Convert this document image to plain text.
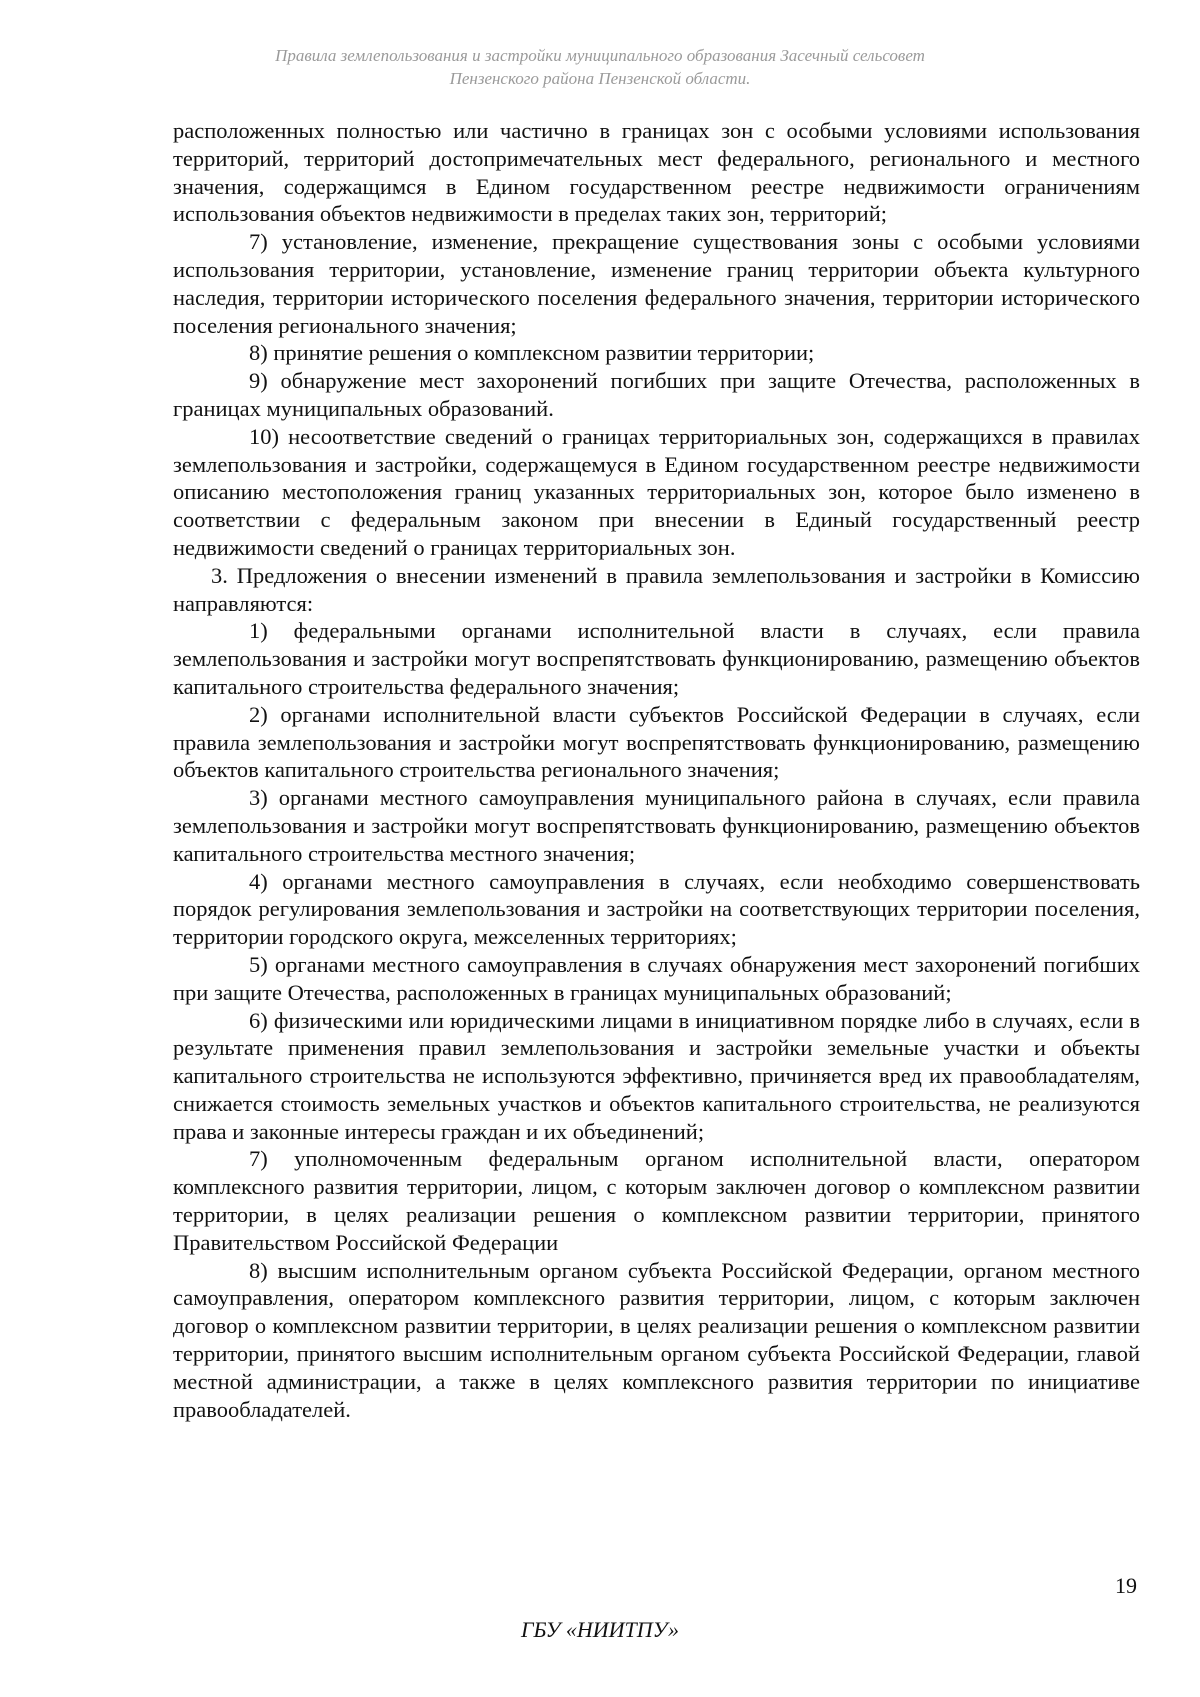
Правила землепользования и застройки муниципального образования Засечный сельсовет
Пензенского района Пензенской области.

расположенных полностью или частично в границах зон с особыми условиями использования территорий, территорий достопримечательных мест федерального, регионального и местного значения, содержащимся в Едином государственном реестре недвижимости ограничениям использования объектов недвижимости в пределах таких зон, территорий;

7) установление, изменение, прекращение существования зоны с особыми условиями использования территории, установление, изменение границ территории объекта культурного наследия, территории исторического поселения федерального значения, территории исторического поселения регионального значения;

8) принятие решения о комплексном развитии территории;

9) обнаружение мест захоронений погибших при защите Отечества, расположенных в границах муниципальных образований.

10) несоответствие сведений о границах территориальных зон, содержащихся в правилах землепользования и застройки, содержащемуся в Едином государственном реестре недвижимости описанию местоположения границ указанных территориальных зон, которое было изменено в соответствии с федеральным законом при внесении в Единый государственный реестр недвижимости сведений о границах территориальных зон.

3. Предложения о внесении изменений в правила землепользования и застройки в Комиссию направляются:

1) федеральными органами исполнительной власти в случаях, если правила землепользования и застройки могут воспрепятствовать функционированию, размещению объектов капитального строительства федерального значения;

2) органами исполнительной власти субъектов Российской Федерации в случаях, если правила землепользования и застройки могут воспрепятствовать функционированию, размещению объектов капитального строительства регионального значения;

3) органами местного самоуправления муниципального района в случаях, если правила землепользования и застройки могут воспрепятствовать функционированию, размещению объектов капитального строительства местного значения;

4) органами местного самоуправления в случаях, если необходимо совершенствовать порядок регулирования землепользования и застройки на соответствующих территории поселения, территории городского округа, межселенных территориях;

5) органами местного самоуправления в случаях обнаружения мест захоронений погибших при защите Отечества, расположенных в границах муниципальных образований;

6) физическими или юридическими лицами в инициативном порядке либо в случаях, если в результате применения правил землепользования и застройки земельные участки и объекты капитального строительства не используются эффективно, причиняется вред их правообладателям, снижается стоимость земельных участков и объектов капитального строительства, не реализуются права и законные интересы граждан и их объединений;

7) уполномоченным федеральным органом исполнительной власти, оператором комплексного развития территории, лицом, с которым заключен договор о комплексном развитии территории, в целях реализации решения о комплексном развитии территории, принятого Правительством Российской Федерации

8) высшим исполнительным органом субъекта Российской Федерации, органом местного самоуправления, оператором комплексного развития территории, лицом, с которым заключен договор о комплексном развитии территории, в целях реализации решения о комплексном развитии территории, принятого высшим исполнительным органом субъекта Российской Федерации, главой местной администрации, а также в целях комплексного развития территории по инициативе правообладателей.

19
ГБУ «НИИТПУ»
